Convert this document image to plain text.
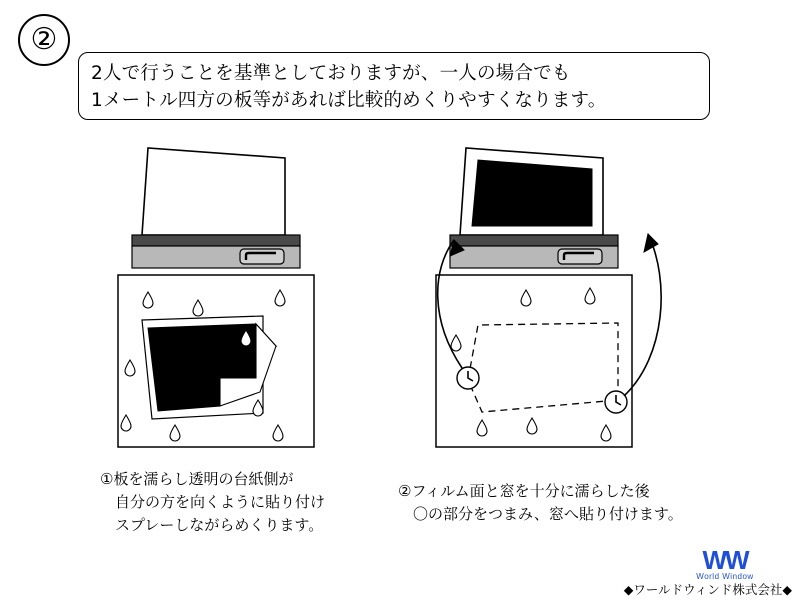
②
2人で行うことを基準としておりますが、一人の場合でも
1メートル四方の板等があれば比較的めくりやすくなります。
①板を濡らし透明の台紙側が
　自分の方を向くように貼り付け
　スプレーしながらめくります。
②フィルム面と窓を十分に濡らした後
　〇の部分をつまみ、窓へ貼り付けます。
WW
World Window
◆ワールドウィンド株式会社◆
